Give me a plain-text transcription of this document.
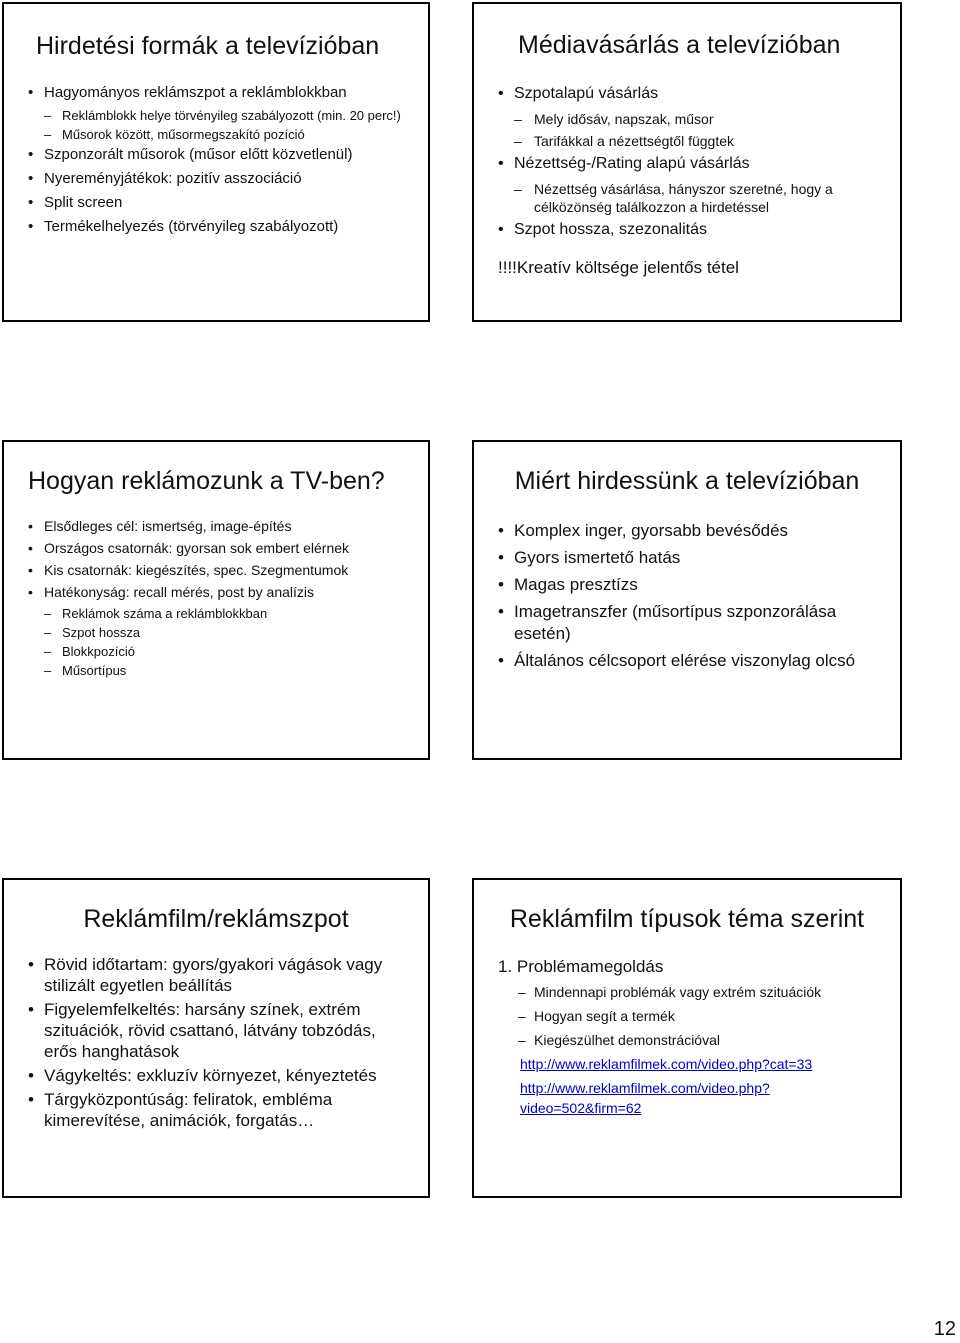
Hirdetési formák a televízióban
• Hagyományos reklámszpot a reklámblokkban
– Reklámblokk helye törvényileg szabályozott (min. 20 perc!)
– Műsorok között, műsormegszakító pozíció
• Szponzorált műsorok (műsor előtt közvetlenül)
• Nyereményjátékok: pozitív asszociáció
• Split screen
• Termékelhelyezés (törvényileg szabályozott)
Médiavásárlás a televízióban
• Szpotalapú vásárlás
– Mely idősáv, napszak, műsor
– Tarifákkal a nézettségtől függtek
• Nézettség-/Rating alapú vásárlás
– Nézettség vásárlása, hányszor szeretné, hogy a célközönség találkozzon a hirdetéssel
• Szpot hossza, szezonalitás
!!!!Kreatív költsége jelentős tétel
Hogyan reklámozunk a TV-ben?
• Elsődleges cél: ismertség, image-építés
• Országos csatornák: gyorsan sok embert elérnek
• Kis csatornák: kiegészítés, spec. Szegmentumok
• Hatékonyság: recall mérés, post by analízis
– Reklámok száma a reklámblokkban
– Szpot hossza
– Blokkpozíció
– Műsortípus
Miért hirdessünk a televízióban
• Komplex inger, gyorsabb bevésődés
• Gyors ismertető hatás
• Magas presztízs
• Imagetranszfer (műsortípus szponzorálása esetén)
• Általános célcsoport elérése viszonylag olcsó
Reklámfilm/reklámszpot
• Rövid időtartam: gyors/gyakori vágások vagy stilizált egyetlen beállítás
• Figyelemfelkeltés: harsány színek, extrém szituációk, rövid csattanó, látvány tobzódás, erős hanghatások
• Vágykeltés: exkluzív környezet, kényeztetés
• Tárgyközpontúság: feliratok, embléma kimerevítése, animációk, forgatás…
Reklámfilm típusok téma szerint
1. Problémamegoldás
– Mindennapi problémák vagy extrém szituációk
– Hogyan segít a termék
– Kiegészülhet demonstrációval
http://www.reklamfilmek.com/video.php?cat=33
http://www.reklamfilmek.com/video.php?video=502&firm=62
12
